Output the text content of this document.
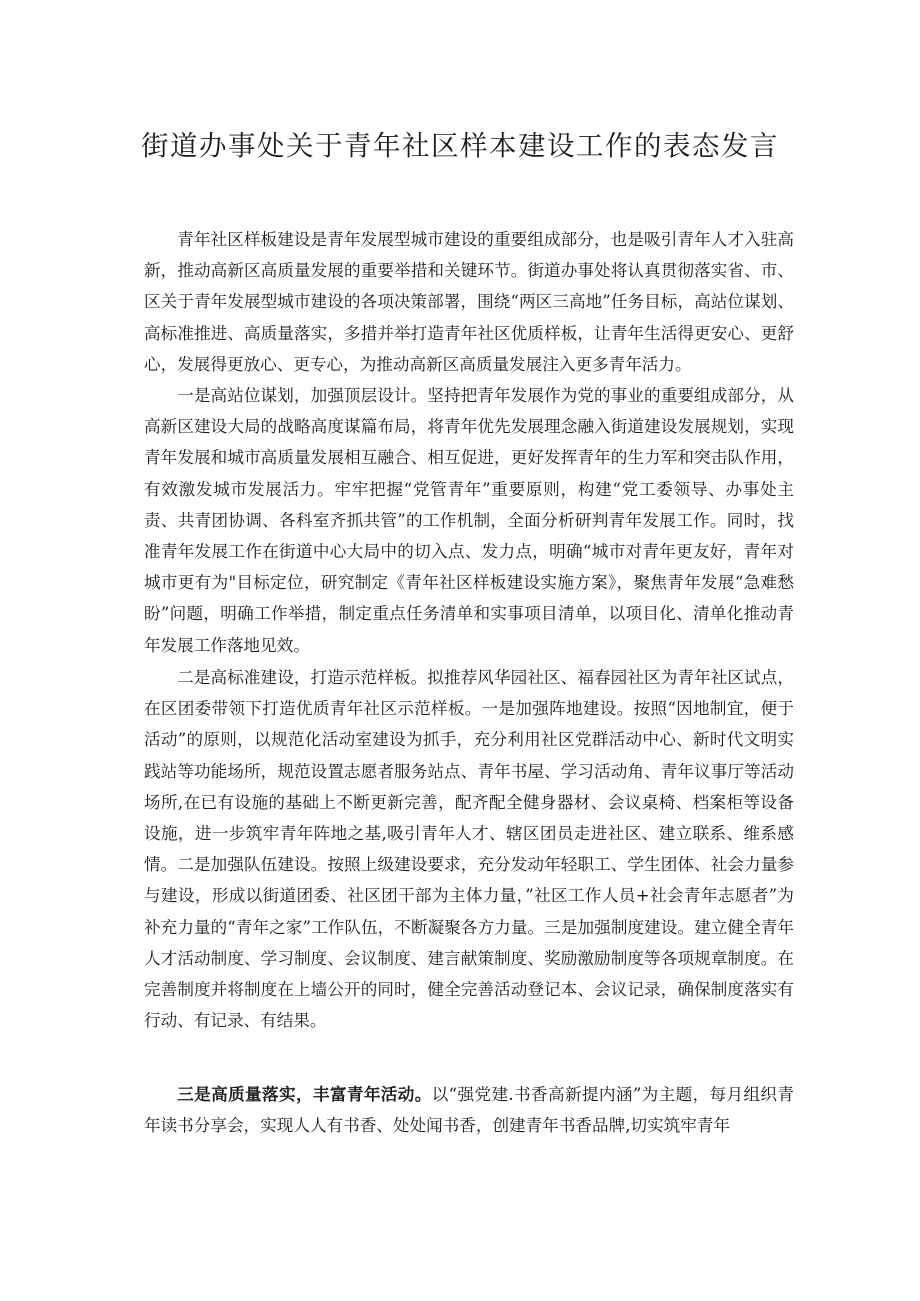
街道办事处关于青年社区样本建设工作的表态发言

青年社区样板建设是青年发展型城市建设的重要组成部分，也是吸引青年人才入驻高新，推动高新区高质量发展的重要举措和关键环节。街道办事处将认真贯彻落实省、市、区关于青年发展型城市建设的各项决策部署，围绕“两区三高地”任务目标，高站位谋划、高标准推进、高质量落实，多措并举打造青年社区优质样板，让青年生活得更安心、更舒心，发展得更放心、更专心，为推动高新区高质量发展注入更多青年活力。

一是高站位谋划，加强顶层设计。坚持把青年发展作为党的事业的重要组成部分，从高新区建设大局的战略高度谋篇布局，将青年优先发展理念融入街道建设发展规划，实现青年发展和城市高质量发展相互融合、相互促进，更好发挥青年的生力军和突击队作用，有效激发城市发展活力。牢牢把握“党管青年”重要原则，构建“党工委领导、办事处主责、共青团协调、各科室齐抓共管”的工作机制，全面分析研判青年发展工作。同时，找准青年发展工作在街道中心大局中的切入点、发力点，明确“城市对青年更友好，青年对城市更有为"目标定位，研究制定《青年社区样板建设实施方案》，聚焦青年发展“急难愁盼”问题，明确工作举措，制定重点任务清单和实事项目清单，以项目化、清单化推动青年发展工作落地见效。

二是高标准建设，打造示范样板。拟推荐风华园社区、福春园社区为青年社区试点，在区团委带领下打造优质青年社区示范样板。一是加强阵地建设。按照“因地制宜，便于活动”的原则，以规范化活动室建设为抓手，充分利用社区党群活动中心、新时代文明实践站等功能场所，规范设置志愿者服务站点、青年书屋、学习活动角、青年议事厅等活动场所,在已有设施的基础上不断更新完善，配齐配全健身器材、会议桌椅、档案柜等设备设施，进一步筑牢青年阵地之基,吸引青年人才、辖区团员走进社区、建立联系、维系感情。二是加强队伍建设。按照上级建设要求，充分发动年轻职工、学生团体、社会力量参与建设，形成以街道团委、社区团干部为主体力量，”社区工作人员+社会青年志愿者”为补充力量的“青年之家”工作队伍，不断凝聚各方力量。三是加强制度建设。建立健全青年人才活动制度、学习制度、会议制度、建言献策制度、奖励激励制度等各项规章制度。在完善制度并将制度在上墙公开的同时，健全完善活动登记本、会议记录，确保制度落实有行动、有记录、有结果。

三是高质量落实，丰富青年活动。以“强党建.书香高新提内涵”为主题，每月组织青年读书分享会，实现人人有书香、处处闻书香，创建青年书香品牌,切实筑牢青年
